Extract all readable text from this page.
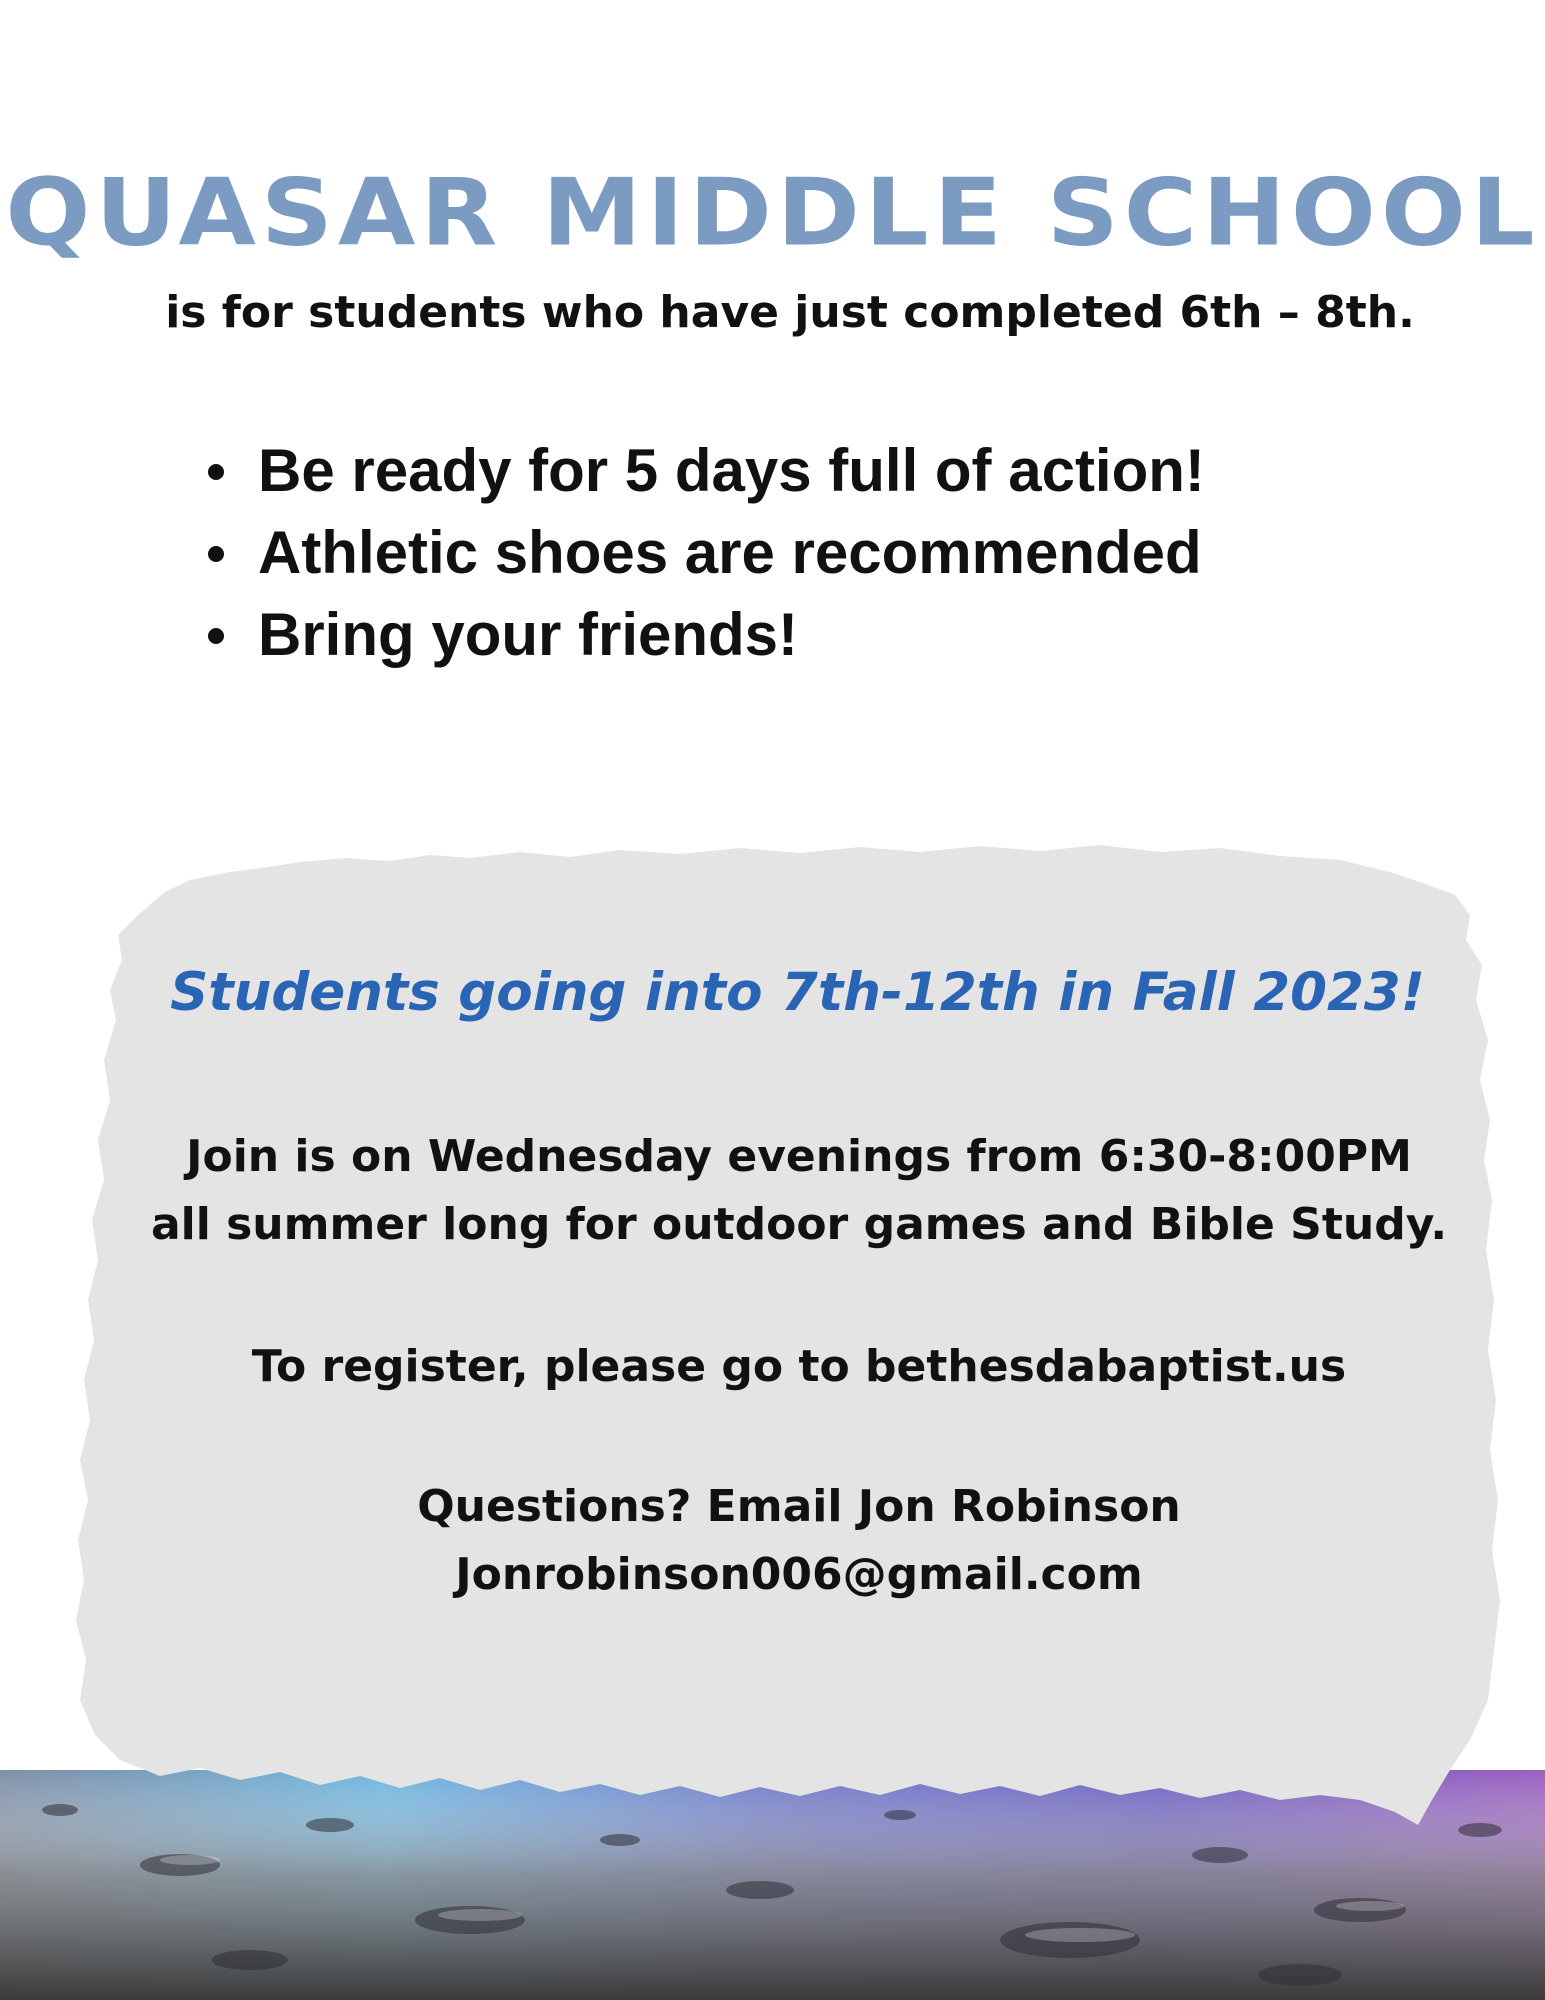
QUASAR MIDDLE SCHOOL
is for students who have just completed 6th – 8th.
Be ready for 5 days full of action!
Athletic shoes are recommended
Bring your friends!
Students going into 7th-12th in Fall 2023!
Join is on Wednesday evenings from 6:30-8:00PM
all summer long for outdoor games and Bible Study.
To register, please go to bethesdabaptist.us
Questions? Email Jon Robinson
Jonrobinson006@gmail.com
